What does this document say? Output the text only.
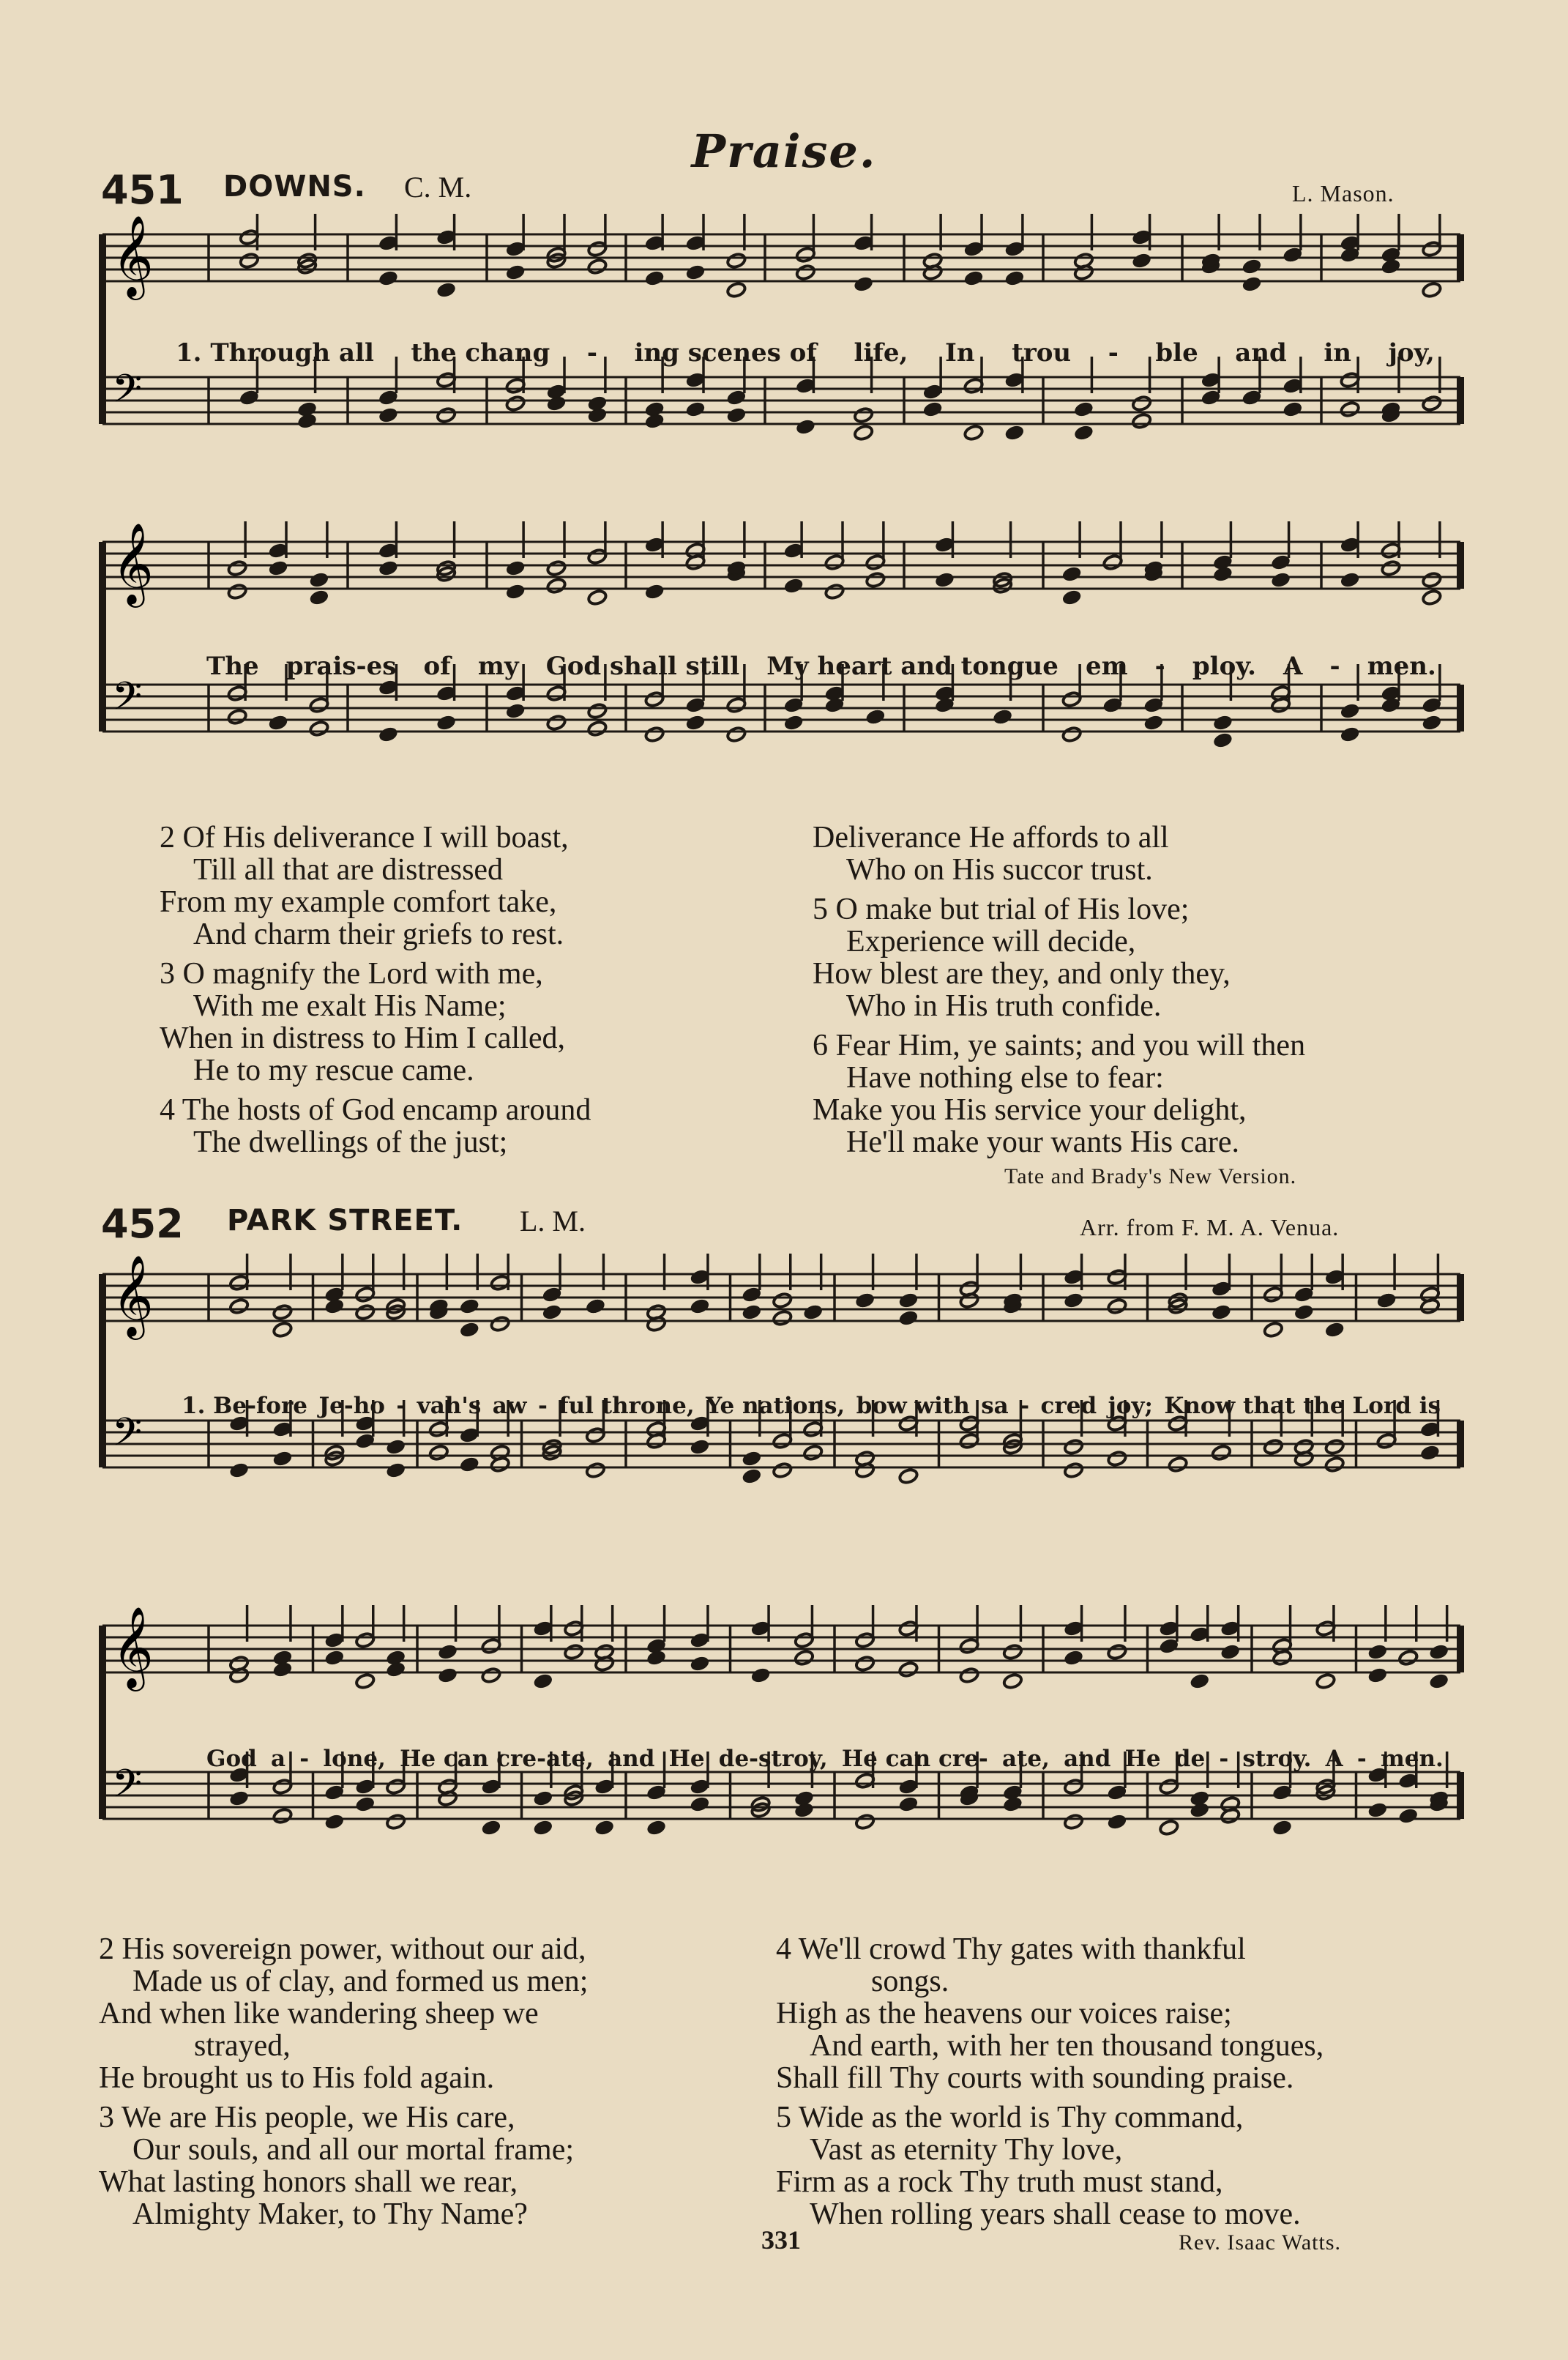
Praise.
451 DOWNS. C. M.	L. Mason.
𝄞
𝄢
1. Through all the chang - ing scenes of life, In trou - ble and in joy,
𝄞
𝄢
The prais-es of my God shall still My heart and tongue em - ploy. A - men.
2 Of His deliverance I will boast,
Till all that are distressed
From my example comfort take,
And charm their griefs to rest.
3 O magnify the Lord with me,
With me exalt His Name;
When in distress to Him I called,
He to my rescue came.
4 The hosts of God encamp around
The dwellings of the just;
Deliverance He affords to all
Who on His succor trust.
5 O make but trial of His love;
Experience will decide,
How blest are they, and only they,
Who in His truth confide.
6 Fear Him, ye saints; and you will then
Have nothing else to fear:
Make you His service your delight,
He'll make your wants His care.
Tate and Brady's New Version.
452 PARK STREET. L. M.	Arr. from F. M. A. Venua.
𝄞
𝄢
1. Be-fore Je-ho - vah's aw - ful throne, Ye nations, bow with sa - cred joy; Know that the Lord is
𝄞
𝄢
God a - lone, He can cre-ate, and He de-stroy, He can cre- ate, and He de - stroy. A - men.
2 His sovereign power, without our aid,
Made us of clay, and formed us men;
And when like wandering sheep we
strayed,
He brought us to His fold again.
3 We are His people, we His care,
Our souls, and all our mortal frame;
What lasting honors shall we rear,
Almighty Maker, to Thy Name?
4 We'll crowd Thy gates with thankful
songs.
High as the heavens our voices raise;
And earth, with her ten thousand tongues,
Shall fill Thy courts with sounding praise.
5 Wide as the world is Thy command,
Vast as eternity Thy love,
Firm as a rock Thy truth must stand,
When rolling years shall cease to move.
331	Rev. Isaac Watts.
